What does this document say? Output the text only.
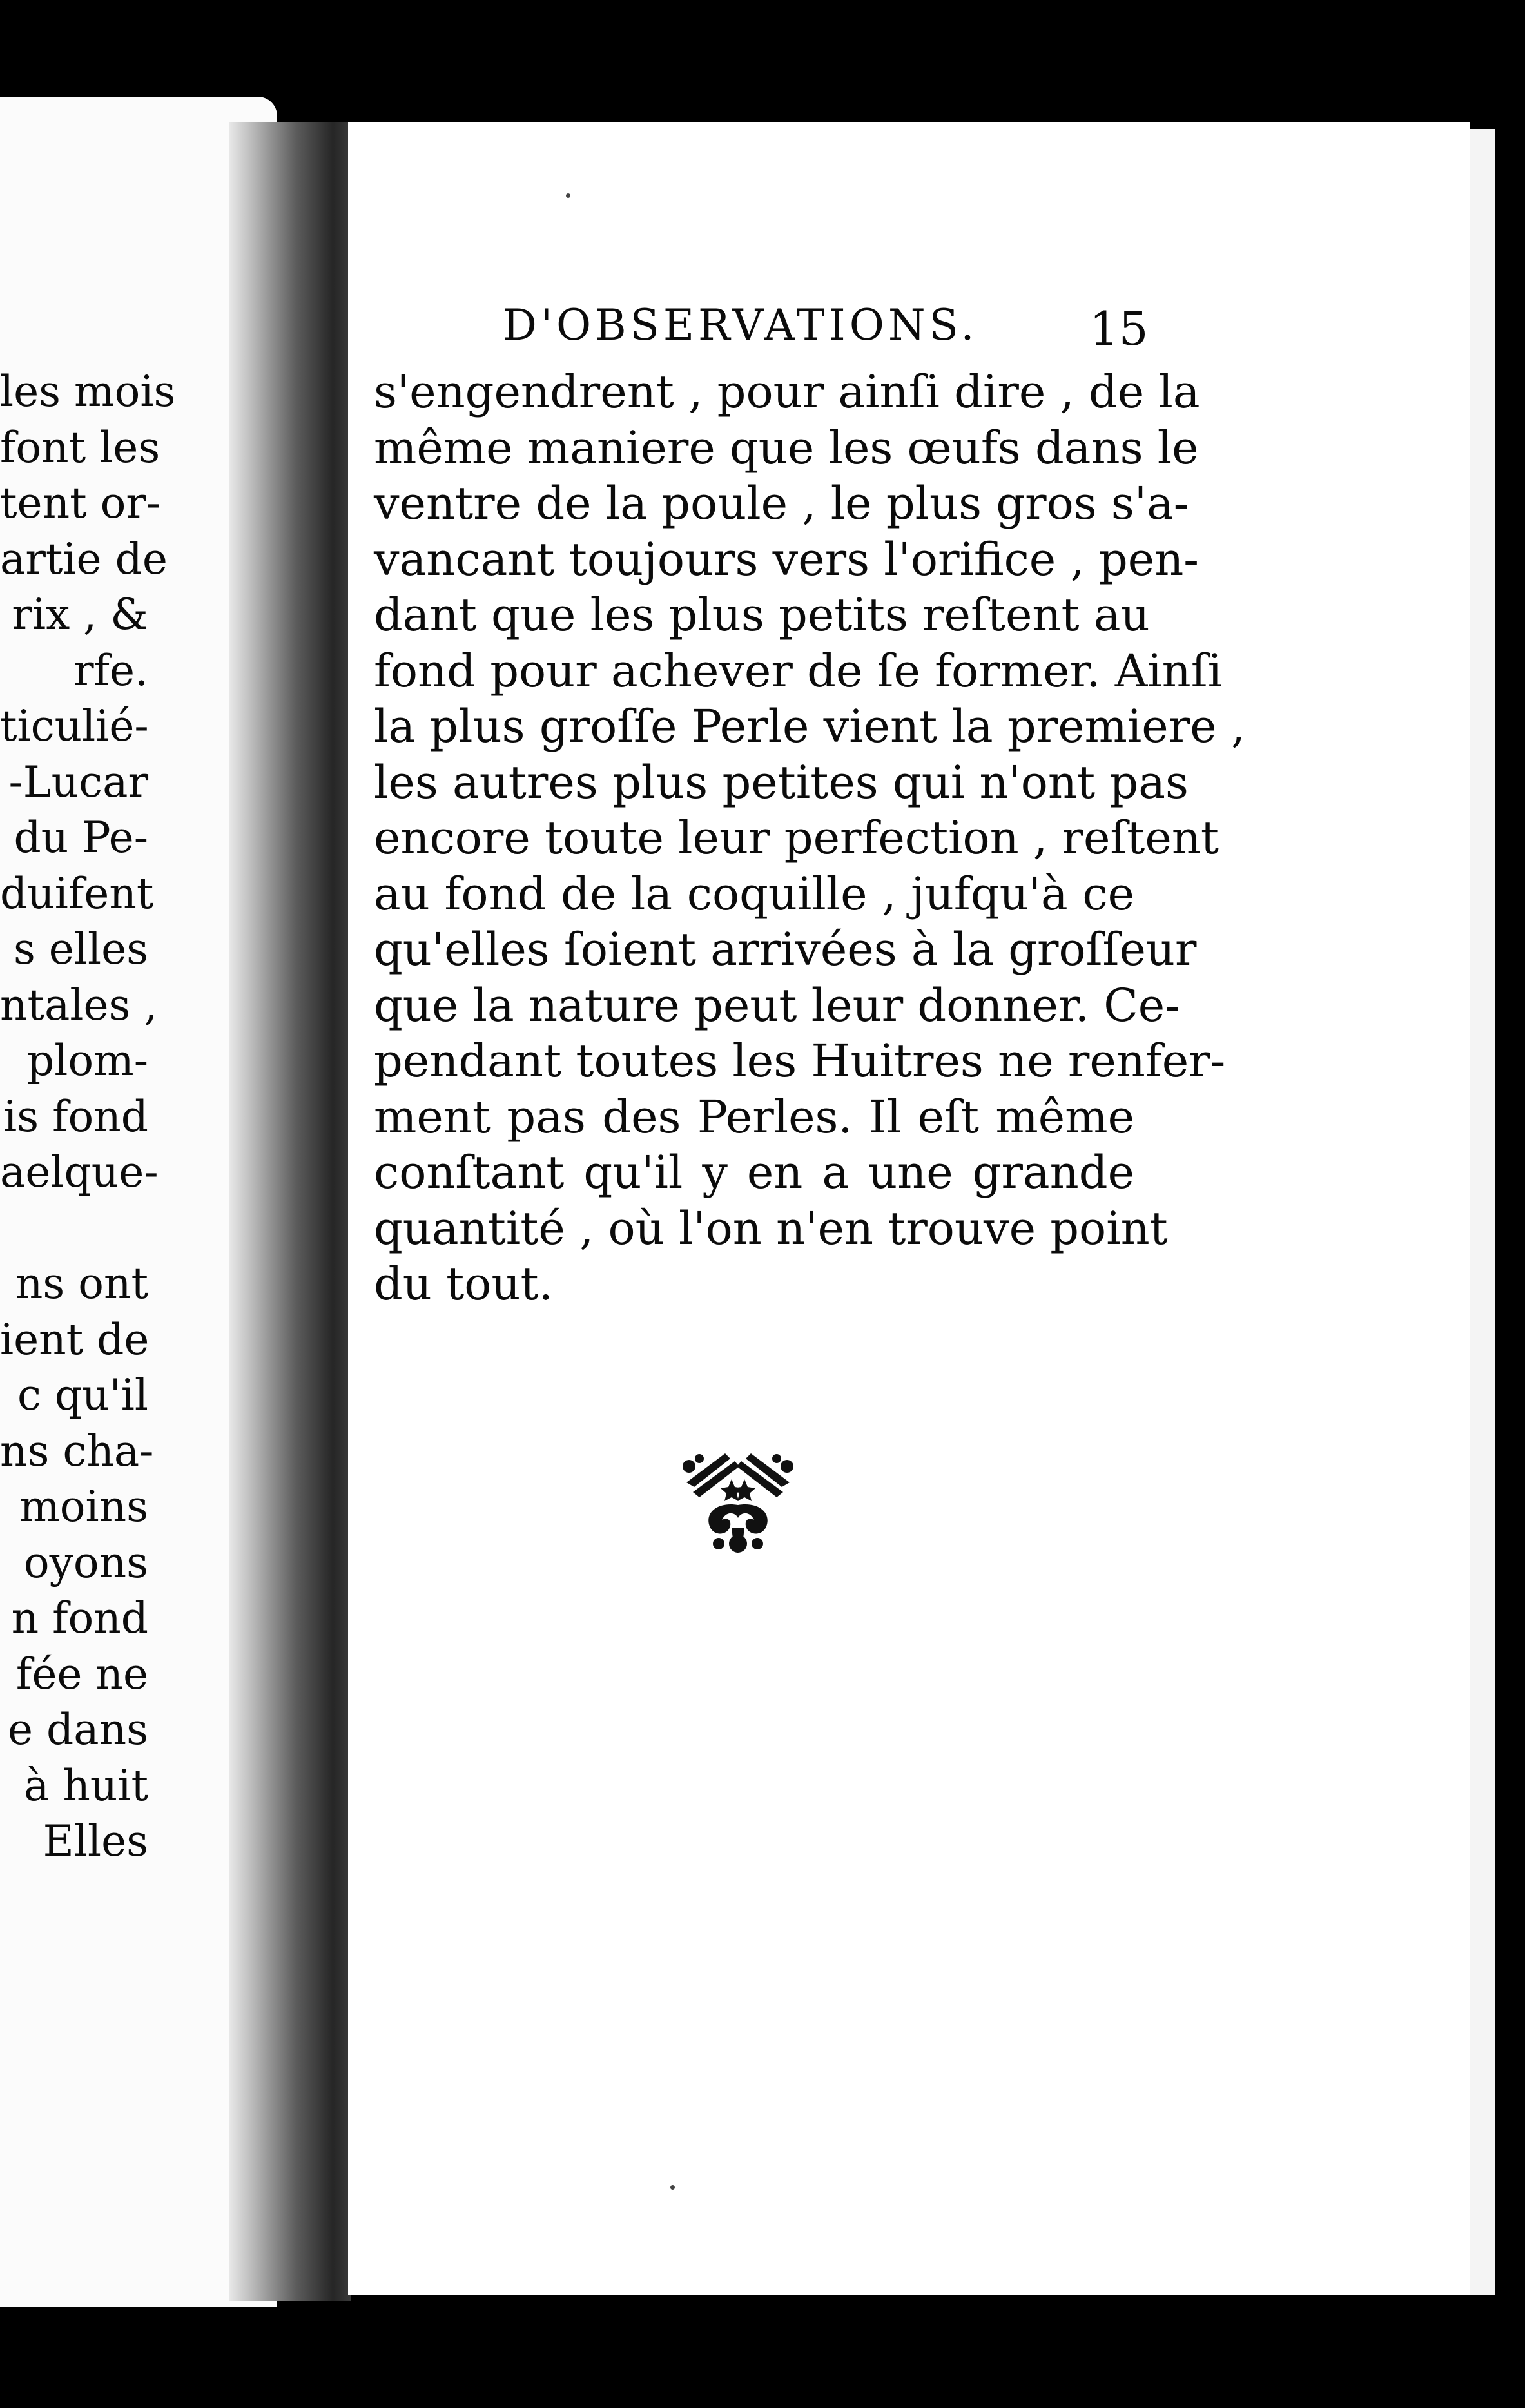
les mois
font les
tent or-
artie de
rix , &
rfe.
ticulié-
-Lucar
du Pe-
duifent
s elles
ntales ,
plom-
is fond
aelque-
ns ont
ient de
c qu'il
ns cha-
moins
oyons
n fond
fée ne
e dans
à huit
Elles
D'OBSERVATIONS.	15
s'engendrent , pour ainſi dire , de la
même maniere que les œufs dans le
ventre de la poule , le plus gros s'a-
vancant toujours vers l'orifice , pen-
dant que les plus petits reſtent au
fond pour achever de ſe former. Ainſi
la plus groſſe Perle vient la premiere ,
les autres plus petites qui n'ont pas
encore toute leur perfection , reſtent
au fond de la coquille , jufqu'à ce
qu'elles ſoient arrivées à la groſſeur
que la nature peut leur donner. Ce-
pendant toutes les Huitres ne renfer-
ment pas des Perles. Il eſt même
conſtant qu'il y en a une grande
quantité , où l'on n'en trouve point
du tout.
